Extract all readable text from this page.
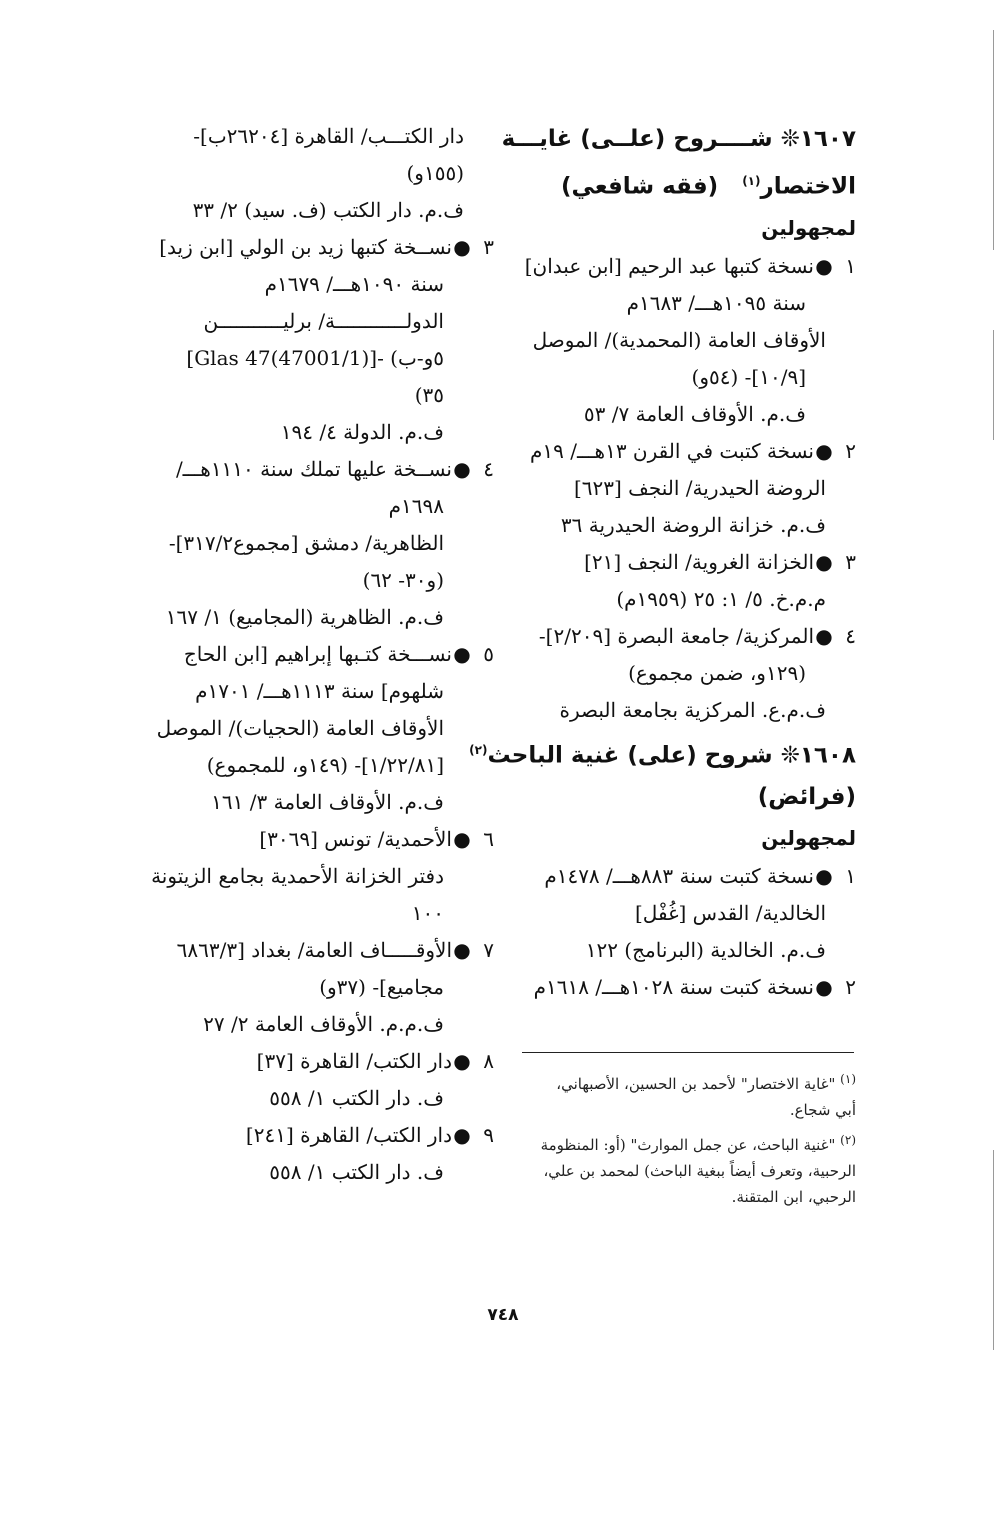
١٦٠٧❊ شــــروح (علــى) غايـــة
الاختصار$^{(١)}$   (فقه شافعي)
لمجهولين
١●نسخة كتبها عبد الرحيم [ابن عبدان]
سنة ١٠٩٥هـــ/ ١٦٨٣م
الأوقاف العامة (المحمدية)/ الموصل
[١٠/٩]- (٥٤و)
ف.م. الأوقاف العامة ٧/ ٥٣
٢●نسخة كتبت في القرن ١٣هـــ/ ١٩م
الروضة الحيدرية/ النجف [٦٢٣]
ف.م. خزانة الروضة الحيدرية ٣٦
٣●الخزانة الغروية/ النجف [٢١]
م.م.خ. ٥/ ١: ٢٥ (١٩٥٩م)
٤●المركزية/ جامعة البصرة [٢/٢٠٩]-
(١٢٩و، ضمن مجموع)
ف.م.ع. المركزية بجامعة البصرة
١٦٠٨❊ شروح (على) غنية الباحث$^{(٢)}$
(فرائض)
لمجهولين
١●نسخة كتبت سنة ٨٨٣هـــ/ ١٤٧٨م
الخالدية/ القدس [غُفْل]
ف.م. الخالدية (البرنامج) ١٢٢
٢●نسخة كتبت سنة ١٠٢٨هـــ/ ١٦١٨م
دار الكتـــب/ القاهرة [٢٦٢٠٤ب]-
(١٥٥و)
ف.م. دار الكتب (ف. سيد) ٢/ ٣٣
٣●نســخة كتبها زيد بن الولي [ابن زيد]
سنة ١٠٩٠هـــ/ ١٦٧٩م
الدولــــــــــــة/ برليـــــــــــن
[Glas 47(47001/1)]- (٥و-ب
٣٥)
ف.م. الدولة ٤/ ١٩٤
٤●نســخة عليها تملك سنة ١١١٠هـــ/
١٦٩٨م
الظاهرية/ دمشق [مجموع٣١٧/٢]-
(و٣٠- ٦٢)
ف.م. الظاهرية (المجاميع) ١/ ١٦٧
٥●نســـخة كتـبها إبراهيم [ابن الحاج
شلهوم] سنة ١١١٣هـــ/ ١٧٠١م
الأوقاف العامة (الحجيات)/ الموصل
[١/٢٢/٨١]- (١٤٩و، للمجموع)
ف.م. الأوقاف العامة ٣/ ١٦١
٦●الأحمدية/ تونس [٣٠٦٩]
دفتر الخزانة الأحمدية بجامع الزيتونة
١٠٠
٧●الأوقـــــاف العامة/ بغداد [٦٨٦٣/٣
مجاميع]- (٣٧و)
ف.م.م. الأوقاف العامة ٢/ ٢٧
٨●دار الكتب/ القاهرة [٣٧]
ف. دار الكتب ١/ ٥٥٨
٩●دار الكتب/ القاهرة [٢٤١]
ف. دار الكتب ١/ ٥٥٨
$^{(١)}$ "غاية الاختصار" لأحمد بن الحسين، الأصبهاني،
أبي شجاع.
$^{(٢)}$ "غنية الباحث، عن جمل الموارث" (أو: المنظومة
الرحبية، وتعرف أيضاً ببغية الباحث) لمحمد بن علي،
الرحبي، ابن المتقنة.
٧٤٨
